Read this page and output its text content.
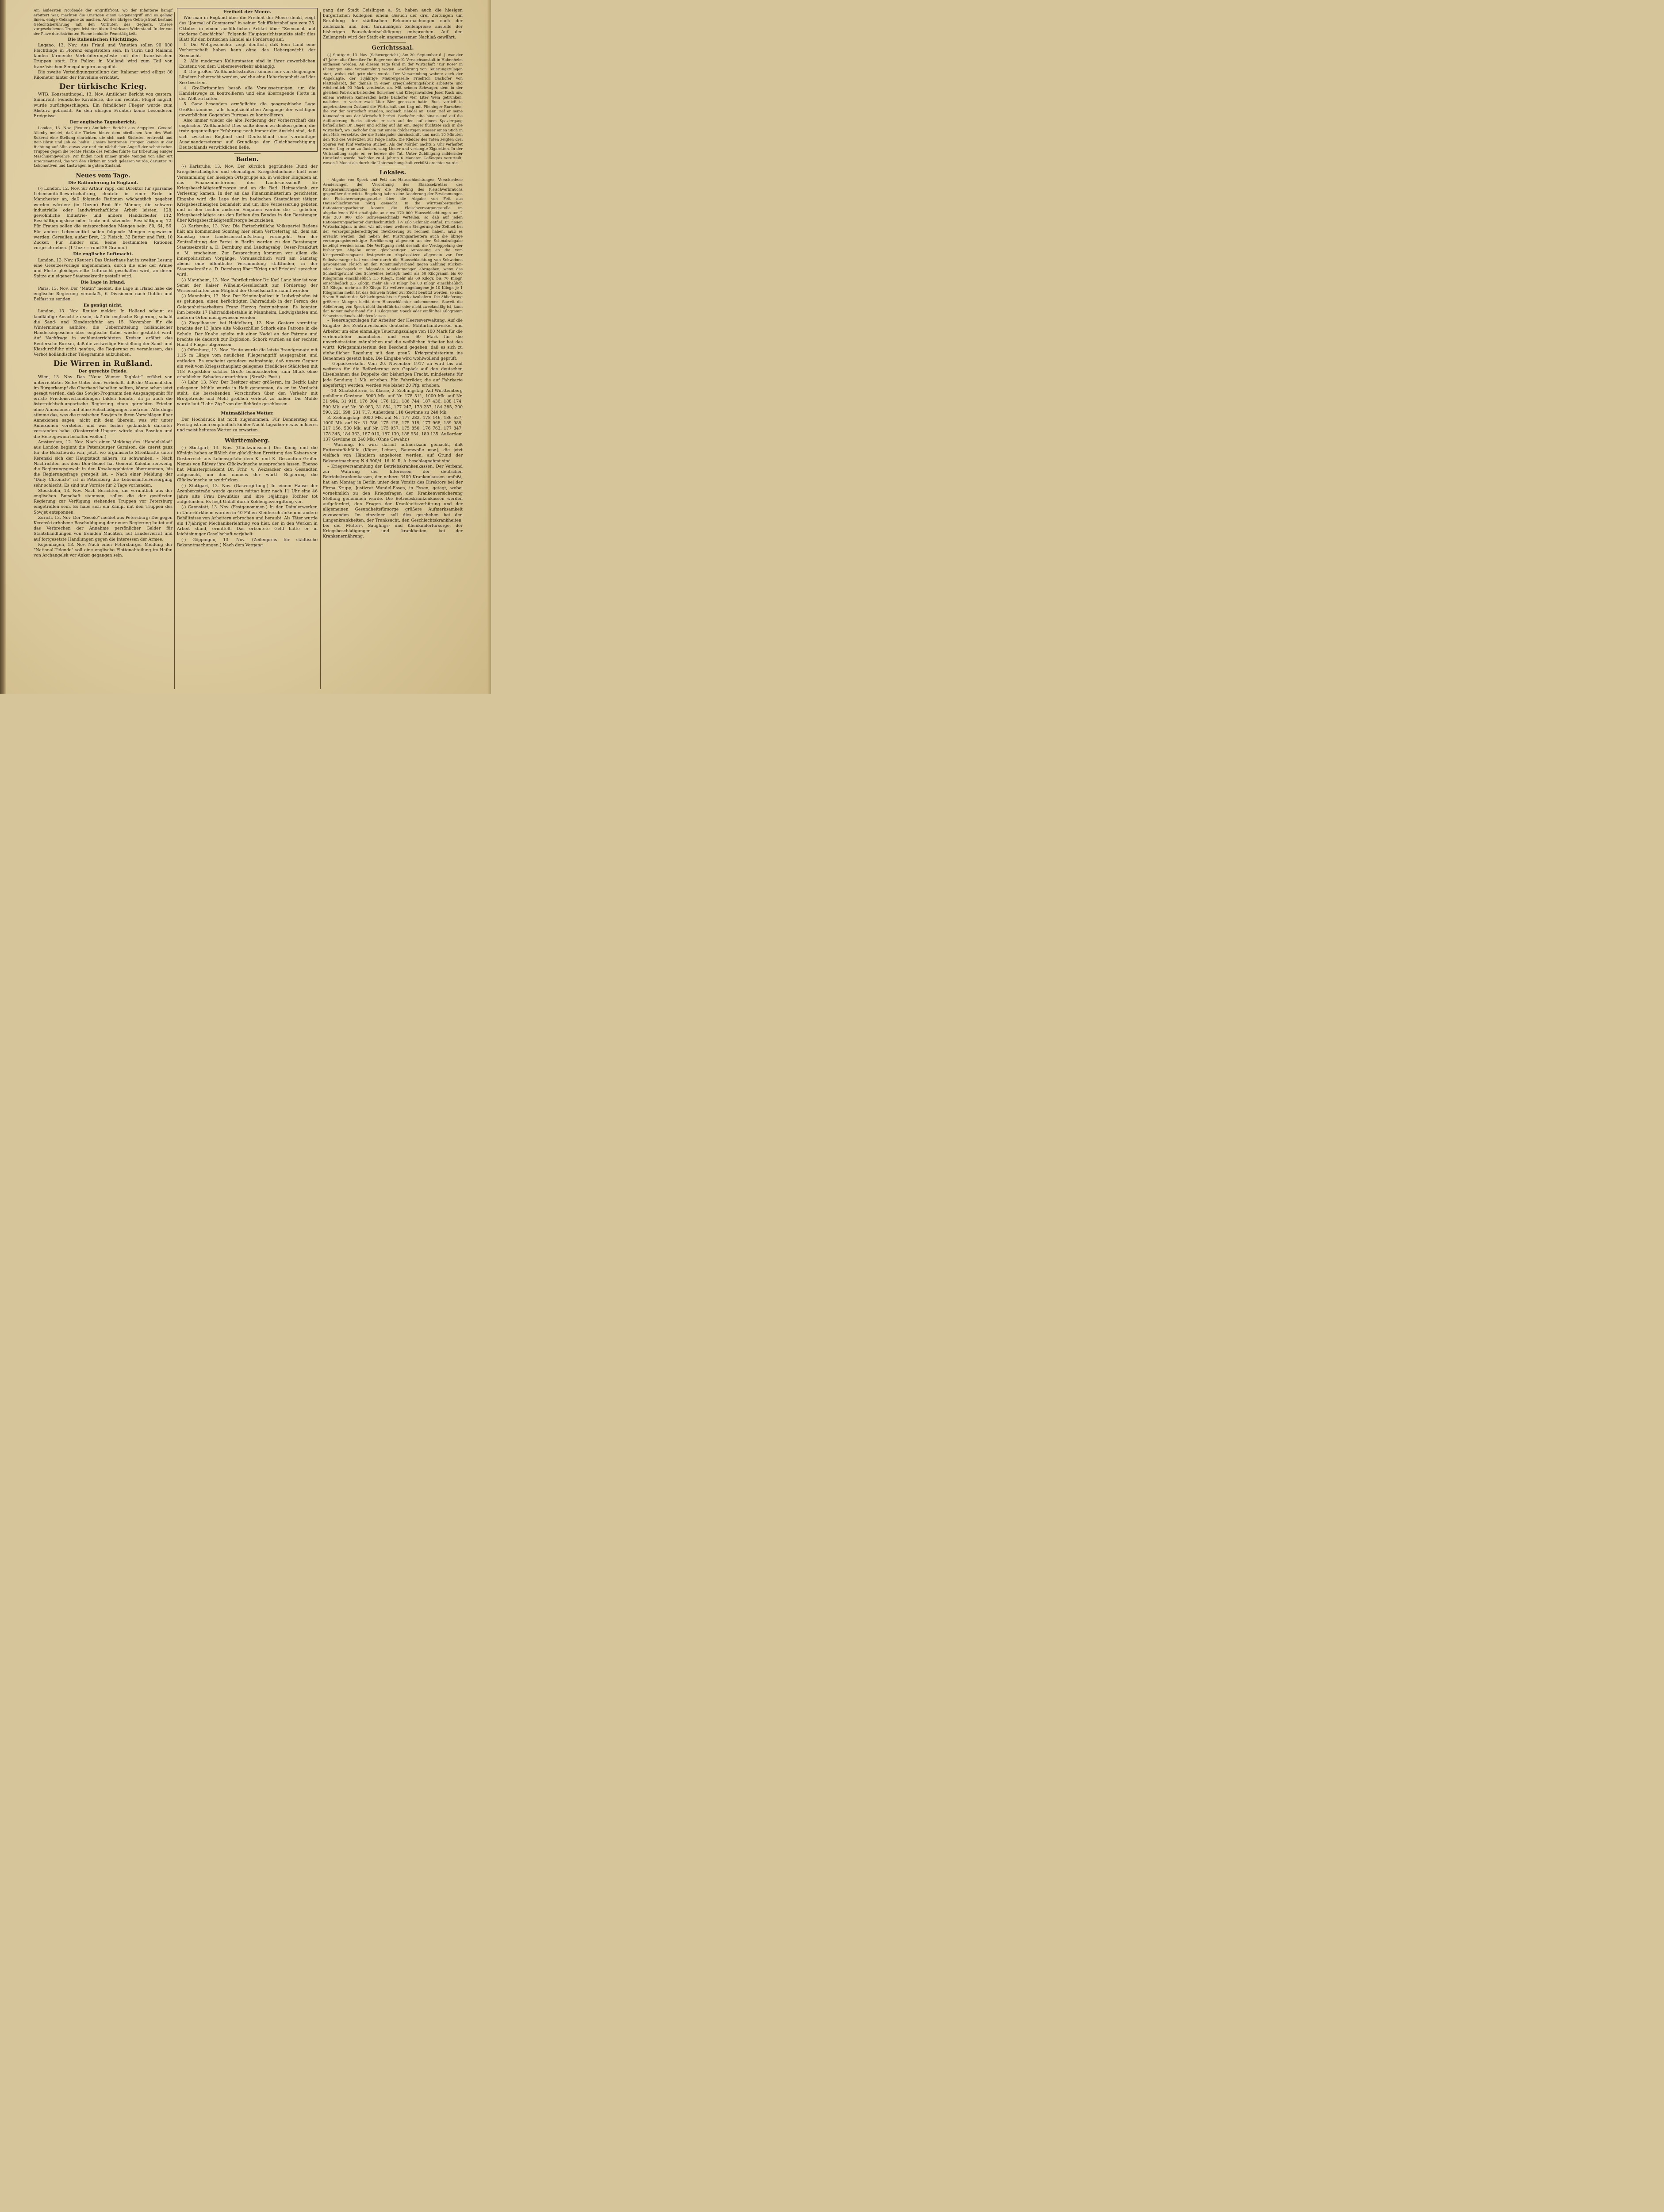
Am äußersten Nordende der Angriffsfront, wo der Infanterie kampf erbittert war, machten die Unsrigen einen Gegenangriff und es gelang ihnen, einige Gefangene zu machen. Auf der übrigen Gebirgsfront bestand Gefechtsberührung mit den Vorhuten des Gegners. Unsere vorgeschobenen Truppen leisteten überall wirksam Widerstand. In der von der Piave durchströmten Ebene lebhafte Feuertätigkeit.

Die italienischen Flüchtlinge.

Lugano, 13. Nov. Aus Friaul und Venetien sollen 90 000 Flüchtlinge in Florenz eingetroffen sein. In Turin und Mailand fanden lärmende Verbrüderungsfeste mit den französischen Truppen statt. Die Polizei in Mailand wird zum Teil von französischen Senegalnegern ausgeübt.

Die zweite Verteidigungsstellung der Italiener wird eiligst 80 Kilometer hinter der Piavelinie errichtet.

Der türkische Krieg.

WTB. Konstantinopel, 13. Nov. Amtlicher Bericht von gestern: Sinaifront: Feindliche Kavallerie, die am rechten Flügel angriff, wurde zurückgeschlagen. Ein feindlicher Flieger wurde zum Absturz gebracht. An den übrigen Fronten keine besonderen Ereignisse.

Der englische Tagesbericht.

London, 13. Nov. (Reuter.) Amtlicher Bericht aus Aegypten: General Allenby meldet, daß die Türken hinter dem nördlichen Arm des Wadi Sukerai eine Stellung einrichten, die sich nach Südosten erstreckt und Beit-Tibrin und Jeb ee hedisi. Unsere berittenen Truppen kamen in der Richtung auf Allin etwas vor und ein nächtlicher Angriff der schottischen Truppen gegen die rechte Flanke des Feindes führte zur Erbeutung einiger Maschinengewehre. Wir finden noch immer große Mengen von aller Art Kriegsmaterial, das von den Türken im Stich gelassen wurde, darunter 70 Lokomotiven und Lastwagen in gutem Zustand.

Neues vom Tage.
Die Rationierung in England.

(-) London, 12. Nov. Sir Arthur Yapp, der Direktor für sparsame Lebensmittelbewirtschaftung, deutete in einer Rede in Manchester an, daß folgende Rationen wöchentlich gegeben werden würden: (in Unzen) Brot für Männer, die schwere industrielle oder landwirtschaftliche Arbeit leisten, 128, gewöhnliche Industrie- und andere Handarbeiter 112, Beschäftigungslose oder Leute mit sitzender Beschäftigung 72. Für Frauen sollen die entsprechenden Mengen sein: 80, 64, 56. Für andere Lebensmittel sollen folgende Mengen zugewiesen werden: Cerealien, außer Brot, 12 Fleisch, 32 Butter und Fett, 10 Zucker. Für Kinder sind keine bestimmten Rationen vorgeschrieben. (1 Unze = rund 28 Gramm.)

Die englische Luftmacht.

London, 13. Nov. (Reuter.) Das Unterhaus hat in zweiter Lesung eine Gesetzesvorlage angenommen, durch die eine der Armee und Flotte gleichgestellte Luftmacht geschaffen wird, an deren Spitze ein eigener Staatssekretär gestellt wird.

Die Lage in Irland.

Paris, 13. Nov. Der "Matin" meldet, die Lage in Irland habe die englische Regierung veranlaßt, 6 Divisionen nach Dublin und Belfast zu senden.

Es genügt nicht,

London, 13. Nov. Reuter meldet: In Holland scheint es landläufige Ansicht zu sein, daß die englische Regierung, sobald die Sand- und Kiesdurchfuhr am 15. November für die Wintermonate aufhöre, die Uebermittelung holländischer Handelsdepeschen über englische Kabel wieder gestattet wird. Auf Nachfrage in wohlunterrichteten Kreisen erfährt das Reutersche Bureau, daß die zeitweilige Einstellung der Sand- und Kiesdurchfuhr nicht genüge, die Regierung zu veranlassen, das Verbot holländischer Telegramme aufzuheben.

Die Wirren in Rußland.
Der gerechte Friede.

Wien, 13. Nov. Das "Neue Wiener Tagblatt" erfährt von unterrichteter Seite: Unter dem Vorbehalt, daß die Maximalisten im Bürgerkampf die Oberhand behalten sollten, könne schon jetzt gesagt werden, daß das Sowjet-Programm den Ausgangspunkt für ernste Friedensverhandlungen bilden könnte, da ja auch die österreichisch-ungarische Regierung einen gerechten Frieden ohne Annexionen und ohne Entschädigungen anstrebe. Allerdings stimme das, was die russischen Sowjets in ihren Vorschlägen über Annexionen sagen, nicht mit dem überein, was wir unter Annexionen verstehen und was bisher gedanklich darunter verstanden habe. (Oesterreich-Ungarn würde also Bosnien und die Herzegowina behalten wollen.)

Amsterdam, 12. Nov. Nach einer Meldung des "Handelsblad" aus London beginnt die Petersburger Garnison, die zuerst ganz für die Bolschewiki war, jetzt, wo organisierte Streitkräfte unter Kerenski sich der Hauptstadt nähern, zu schwanken. – Nach Nachrichten aus dem Don-Gebiet hat General Kaledin zeitweilig die Regierungsgewalt in den Kosakengebieten übernommen, bis die Regierungsfrage geregelt ist. – Nach einer Meldung der "Daily Chronicle" ist in Petersburg die Lebensmittelversorgung sehr schlecht. Es sind nur Vorräte für 2 Tage vorhanden.

Stockholm, 13. Nov. Nach Berichten, die vermutlich aus der englischen Botschaft stammen, sollen die der gestürzten Regierung zur Verfügung stehenden Truppen vor Petersburg eingetroffen sein. Es habe sich ein Kampf mit den Truppen des Sowjet entsponnen.

Zürich, 13. Nov. Der "Secolo" meldet aus Petersburg: Die gegen Kerenski erhobene Beschuldigung der neuen Regierung lautet auf das Verbrechen der Annahme persönlicher Gelder für Staatshandlungen von fremden Mächten, auf Landesverrat und auf fortgesetzte Handlungen gegen die Interessen der Armee.

Kopenhagen, 13. Nov. Nach einer Petersburger Meldung der "National-Tidende" soll eine englische Flottenabteilung im Hafen von Archangelsk vor Anker gegangen sein.

Freiheit der Meere.

Wie man in England über die Freiheit der Meere denkt, zeigt das "Journal of Commerce" in seiner Schifffahrtsbeilage vom 25. Oktober in einem ausführlichen Artikel über "Seemacht und moderne Geschichte". Folgende Hauptgesichtspunkte stellt dies Blatt für den britischen Handel als Forderung auf:

1. Die Weltgeschichte zeigt deutlich, daß kein Land eine Vorherrschaft haben kann ohne das Uebergewicht der Seemacht.

2. Alle modernen Kulturstaaten sind in ihrer gewerblichen Existenz von dem Ueberseeverkehr abhängig.

3. Die großen Welthandelsstraßen können nur von denjenigen Ländern beherrscht werden, welche eine Ueberlegenheit auf der See besitzen.

4. Großbritannien besaß alle Voraussetzungen, um die Handelswege zu kontrollieren und eine überragende Flotte in der Welt zu halten.

5. Ganz besonders ermöglichte die geographische Lage Großbritanniens, alle hauptsächlichen Ausgänge der wichtigen gewerblichen Gegenden Europas zu kontrollieren.

Also immer wieder die alte Forderung der Vorherrschaft des englischen Welthandels! Dies sollte denen zu denken geben, die trotz gegenteiliger Erfahrung noch immer der Ansicht sind, daß sich zwischen England und Deutschland eine vernünftige Auseinandersetzung auf Grundlage der Gleichberechtigung Deutschlands verwirklichen ließe.

Baden.

(-) Karlsruhe, 13. Nov. Der kürzlich gegründete Bund der Kriegsbeschädigten und ehemaligen Kriegsteilnehmer hielt eine Versammlung der hiesigen Ortsgruppe ab, in welcher Eingaben an das Finanzministerium, den Landesausschuß für Kriegsbeschädigtenfürsorge und an die Bad. Heimatdank zur Verlesung kamen. In der an das Finanzministerium gerichteten Eingabe wird die Lage der im badischen Staatsdienst tätigen Kriegsbeschädigten behandelt und um ihre Verbesserung gebeten und in den beiden anderen Eingaben werden die ... gebeten, Kriegsbeschädigte aus den Reihen des Bundes in den Beratungen über Kriegsbeschädigtenfürsorge beizuziehen.

(-) Karlsruhe, 13. Nov. Die Fortschrittliche Volkspartei Badens hält am kommenden Sonntag hier einen Vertretertag ab, dem am Samstag eine Landesausschußsitzung vorangeht. Von der Zentralleitung der Partei in Berlin werden zu den Beratungen Staatssekretär a. D. Dernburg und Landtagsabg. Oeser-Frankfurt a. M. erscheinen. Zur Besprechung kommen vor allem die innerpolitischen Vorgänge. Voraussichtlich wird am Samstag abend eine öffentliche Versammlung stattfinden, in der Staatssekretär a. D. Dernburg über "Krieg und Frieden" sprechen wird.

(-) Mannheim, 13. Nov. Fabrikdirektor Dr. Karl Lanz hier ist vom Senat der Kaiser Wilhelm-Gesellschaft zur Förderung der Wissenschaften zum Mitglied der Gesellschaft ernannt worden.

(-) Mannheim, 13. Nov. Der Kriminalpolizei in Ludwigshafen ist es gelungen, einen berüchtigten Fahrraddieb in der Person des Gelegenheitsarbeiters Franz Herzog festzunehmen. Es konnten ihm bereits 17 Fahrraddiebstähle in Mannheim, Ludwigshafen und anderen Orten nachgewiesen werden.

(-) Ziegelhausen bei Heidelberg, 13. Nov. Gestern vormittag brachte der 13 Jahre alte Volksschüler Schork eine Patrone in die Schule. Der Knabe spielte mit einer Nadel an der Patrone und brachte sie dadurch zur Explosion. Schork wurden an der rechten Hand 3 Finger abgerissen.

(-) Offenburg, 13. Nov. Heute wurde die letzte Brandgranate mit 1,15 m Länge vom neulichen Fliegerangriff ausgegraben und entladen. Es erscheint geradezu wahnsinnig, daß unsere Gegner ein weit vom Kriegsschauplatz gelegenes friedliches Städtchen mit 118 Projektilen solcher Größe bombardierten, zum Glück ohne erheblichen Schaden anzurichten. (Straßb. Post.)

(-) Lahr, 13. Nov. Der Besitzer einer größeren, im Bezirk Lahr gelegenen Mühle wurde in Haft genommen, da er im Verdacht steht, die bestehenden Vorschriften über den Verkehr mit Brotgetreide und Mehl gröblich verletzt zu haben. Die Mühle wurde laut "Lahr. Ztg." von der Behörde geschlossen.

Mutmaßliches Wetter.

Der Hochdruck hat noch zugenommen. Für Donnerstag und Freitag ist nach empfindlich kühler Nacht tagsüber etwas milderes und meist heiteres Wetter zu erwarten.

Württemberg.

(-) Stuttgart, 13. Nov. (Glückwünsche.) Der König und die Königin haben anläßlich der glücklichen Errettung des Kaisers von Oesterreich aus Lebensgefahr dem K. und K. Gesandten Grafen Nemes von Ridvay ihre Glückwünsche aussprechen lassen. Ebenso hat Ministerpräsident Dr. Frhr. v. Weizsäcker den Gesandten aufgesucht, um ihm namens der württ. Regierung die Glückwünsche auszudrücken.

(-) Stuttgart, 13. Nov. (Gasvergiftung.) In einem Hause der Azenbergstraße wurde gestern mittag kurz nach 11 Uhr eine 46 Jahre alte Frau bewußtlos und ihre 14jährige Tochter tot aufgefunden. Es liegt Unfall durch Kohlengasvergiftung vor.

(-) Cannstatt, 13. Nov. (Festgenommen.) In den Daimlerwerken in Untertürkheim wurden in 40 Fällen Kleiderschränke und andere Behältnisse von Arbeitern erbrochen und beraubt. Als Täter wurde ein 17jähriger Mechanikerlehrling von hier, der in den Werken in Arbeit stand, ermittelt. Das erbeutete Geld hatte er in leichtsinniger Gesellschaft verjubelt.

(-) Göppingen, 13. Nov. (Zeilenpreis für städtische Bekanntmachungen.) Nach dem Vorgang

gang der Stadt Geislingen a. St. haben auch die hiesigen bürgerlichen Kollegien einem Gesuch der drei Zeitungen um Bezahlung der städtischen Bekanntmachungen nach der Zeilenzahl und dem tarifmäßigen Zeilenpreise anstelle der bisherigen Pauschalentschädigung entsprochen. Auf den Zeilenpreis wird der Stadt ein angemessener Nachlaß gewährt.

Gerichtssaal.

(-) Stuttgart, 13. Nov. (Schwurgericht.) Am 20. September d. J. war der 47 Jahre alte Chemiker Dr. Beger von der K. Versuchsanstalt in Hohenheim entlassen worden. An diesem Tage fand in der Wirtschaft "zur Rose" in Plieningen eine Versammlung wegen Gewährung von Teuerungszulagen statt, wobei viel getrunken wurde. Der Versammlung wohnte auch der Angeklagte, der 18jährige Maurergeselle Friedrich Bachofer von Plattenhardt, der damals in einer Kriegslieferungsfabrik arbeitete und wöchentlich 90 Mark verdiente, an. Mit seinem Schwager, dem in der gleichen Fabrik arbeitenden Schreiner und Kriegsinvaliden Josef Ruck und einem weiteren Kameraden hatte Bachofer vier Liter Wein getrunken, nachdem er vorher zwei Liter Bier genossen hatte. Ruck verließ in angetrunkenem Zustand die Wirtschaft und fing mit Plieninger Burschen, die vor der Wirtschaft standen, sogleich Händel an. Dann rief er seine Kameraden aus der Wirtschaft herbei. Bachofer eilte hinaus und auf die Aufforderung Rucks stürzte er sich auf den auf einem Spaziergang befindlichen Dr. Beger und schlug auf ihn ein. Beger flüchtete sich in die Wirtschaft, wo Bachofer ihm mit einem dolchartigen Messer einen Stich in den Hals versetzte, der die Schlagader durchschnitt und nach 10 Minuten den Tod des Verletzten zur Folge hatte. Die Kleider des Toten zeigten drei Spuren von fünf weiteren Stichen. Als der Mörder nachts 2 Uhr verhaftet wurde, fing er an zu fluchen, sang Lieder und verlangte Zigaretten. In der Verhandlung sagte er, er bereue die Tat. Unter Zubilligung mildernder Umstände wurde Bachofer zu 4 Jahren 6 Monaten Gefängnis verurteilt, wovon 1 Monat als durch die Untersuchungshaft verbüßt erachtet wurde.

Lokales.

– Abgabe von Speck und Fett aus Hausschlachtungen. Verschiedene Aenderungen der Verordnung des Staatssekretärs des Kriegsernährungsamtes über die Regelung des Fleischverbrauchs gegenüber der württ. Regelung haben eine Aenderung der Bestimmungen der Fleischversorgungsstelle über die Abgabe von Fett aus Hausschlachtungen nötig gemacht. In die württembergischen Rationierungsarbeiter konnte die Fleischversorgungsstelle im abgelaufenen Wirtschaftsjahr an etwa 170 000 Hausschlachtungen um 2 Kilo 200 000 Kilo Schweineschmalz verteilen, so daß auf jeden Rationierungsarbeiter durchschnittlich 1¼ Kilo Schmalz entfiel. Im neuen Wirtschaftsjahr, in dem wir mit einer weiteren Steigerung der Zeitnot bei der versorgungsberechtigten Bevölkerung zu rechnen haben, muß es erreicht werden, daß neben den Rüstungsarbeitern auch die übrige versorgungsberechtigte Bevölkerung allgemein an der Schmalzabgabe beteiligt werden kann. Die Verfügung sieht deshalb die Verdoppelung der bisherigen Abgabe unter gleichzeitiger Anpassung an die vom Kriegsernährungsamt festgesetzten Abgabesätzen allgemein vor. Der Selbstversorger hat von dem durch die Hausschlachtung von Schweinen gewonnenen Fleisch an den Kommunalverband gegen Zahlung Rücken- oder Bauchspeck in folgenden Mindestmengen abzugeben, wenn das Schlachtgewicht des Schweines beträgt: mehr als 50 Kilogramm bis 60 Kilogramm einschließlich 1,5 Kilogr., mehr als 60 Kilogr. bis 70 Kilogr. einschließlich 2,5 Kilogr., mehr als 70 Kilogr. bis 80 Kilogr. einschließlich 3,5 Kilogr., mehr als 80 Kilogr. für weitere angefangene je 10 Kilogr. je 1 Kilogramm mehr. Ist das Schwein früher zur Zucht benützt worden, so sind 5 vom Hundert des Schlachtgewichts in Speck abzuliefern. Die Ablieferung größerer Mengen bleibt dem Hausschlächter unbenommen. Soweit die Ablieferung von Speck nicht durchführbar oder nicht zweckmäßig ist, kann der Kommunalverband für 1 Kilogramm Speck oder einfünftel Kilogramm Schweineschmalz abliefern lassen.

– Teuerungszulagen für Arbeiter der Heeresverwaltung. Auf die Eingabe des Zentralverbands deutscher Militärhandwerker und Arbeiter um eine einmalige Teuerungszulage von 100 Mark für die verheirateten männlichen und von 60 Mark für die unverheirateten männlichen und die weiblichen Arbeiter hat das württ. Kriegsministerium den Bescheid gegeben, daß es sich zu einheitlicher Regelung mit dem preuß. Kriegsministerium ins Benehmen gesetzt habe. Die Eingabe wird wohlwollend geprüft.

– Gepäckverkehr. Vom 20. November 1917 an wird bis auf weiteres für die Beförderung von Gepäck auf den deutschen Eisenbahnen das Doppelte der bisherigen Fracht, mindestens für jede Sendung 1 Mk. erhoben. Für Fahrräder, die auf Fahrkarte abgefertigt werden, werden wie bisher 20 Pfg. erhoben.

– 10. Staatslotterie, 5. Klasse, 2. Ziehungstag. Auf Württemberg gefallene Gewinne: 5000 Mk. auf Nr. 178 511, 1000 Mk. auf Nr. 31 904, 31 918, 176 004, 176 121, 186 744, 187 436, 188 174. 500 Mk. auf Nr. 30 983, 31 854, 177 247, 178 257, 184 285, 200 590, 221 698, 231 717. Außerdem 118 Gewinne zu 240 Mk.

3. Ziehungstag: 3000 Mk. auf Nr. 177 282, 178 146, 186 627, 1000 Mk. auf Nr. 31 786, 175 428, 175 919, 177 968, 189 989, 217 156. 500 Mk. auf Nr. 175 057, 175 850, 176 763, 177 847, 178 345, 184 363, 187 010, 187 130, 188 954, 189 135. Außerdem 137 Gewinne zu 240 Mk. (Ohne Gewähr.)

– Warnung. Es wird darauf aufmerksam gemacht, daß Futterstoffabfälle (Köper, Leinen, Baumwolle usw.), die jetzt vielfach von Händlern angeboten werden, auf Grund der Bekanntmachung N 4 900/4. 16. K. R. A. beschlagnahmt sind.

– Kriegsversammlung der Betriebskrankenkassen. Der Verband zur Wahrung der Interessen der deutschen Betriebskrankenkassen, der nahezu 3400 Krankenkassen umfaßt, hat am Montag in Berlin unter dem Vorsitz des Direktors bei der Firma Krupp, Justizrat Wandel-Essen, in Essen, getagt, wobei vornehmlich zu den Kriegsfragen der Krankenversicherung Stellung genommen wurde. Die Betriebskrankenkassen werden aufgefordert, den Fragen der Krankheitsverhütung und der allgemeinen Gesundheitsfürsorge größere Aufmerksamkeit zuzuwenden. Im einzelnen soll dies geschehen bei den Lungenkrankheiten, der Trunksucht, den Geschlechtskrankheiten, bei der Mutter-, Säuglings- und Kleinkinderfürsorge, der Kriegsbeschädigungen und -krankheiten, bei der Krankenernährung.
